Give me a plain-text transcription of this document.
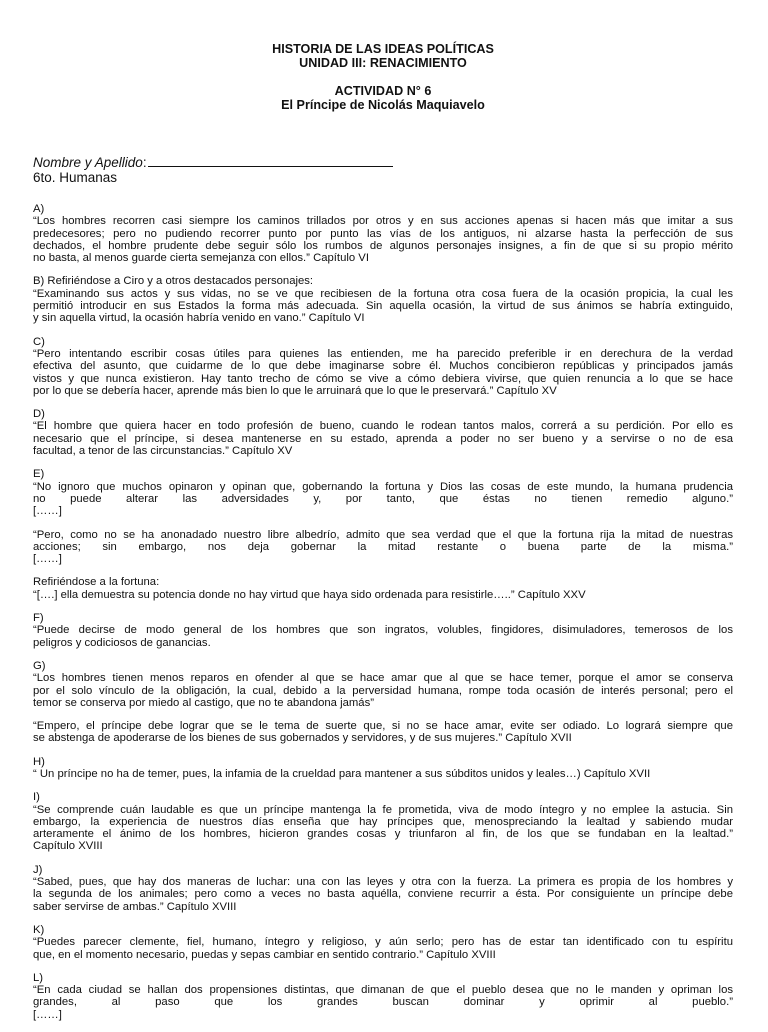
HISTORIA DE LAS IDEAS POLÍTICAS
UNIDAD III: RENACIMIENTO
ACTIVIDAD N° 6
El Príncipe de Nicolás Maquiavelo
Nombre y Apellido:
6to. Humanas
A)
“Los hombres recorren casi siempre los caminos trillados por otros y en sus acciones apenas si hacen más que imitar a sus
predecesores; pero no pudiendo recorrer punto por punto las vías de los antiguos, ni alzarse hasta la perfección de sus
dechados, el hombre prudente debe seguir sólo los rumbos de algunos personajes insignes, a fin de que si su propio mérito
no basta, al menos guarde cierta semejanza con ellos.” Capítulo VI
B) Refiriéndose a Ciro y a otros destacados personajes:
“Examinando sus actos y sus vidas, no se ve que recibiesen de la fortuna otra cosa fuera de la ocasión propicia, la cual les
permitió introducir en sus Estados la forma más adecuada. Sin aquella ocasión, la virtud de sus ánimos se habría extinguido,
y sin aquella virtud, la ocasión habría venido en vano.” Capítulo VI
C)
“Pero intentando escribir cosas útiles para quienes las entienden, me ha parecido preferible ir en derechura de la verdad
efectiva del asunto, que cuidarme de lo que debe imaginarse sobre él. Muchos concibieron repúblicas y principados jamás
vistos y que nunca existieron. Hay tanto trecho de cómo se vive a cómo debiera vivirse, que quien renuncia a lo que se hace
por lo que se debería hacer, aprende más bien lo que le arruinará que lo que le preservará.” Capítulo XV
D)
“El hombre que quiera hacer en todo profesión de bueno, cuando le rodean tantos malos, correrá a su perdición. Por ello es
necesario que el príncipe, si desea mantenerse en su estado, aprenda a poder no ser bueno y a servirse o no de esa
facultad, a tenor de las circunstancias.” Capítulo XV
E)
“No ignoro que muchos opinaron y opinan que, gobernando la fortuna y Dios las cosas de este mundo, la humana prudencia
no puede alterar las adversidades y, por tanto, que éstas no tienen remedio alguno.”
[……]
“Pero, como no se ha anonadado nuestro libre albedrío, admito que sea verdad que el que la fortuna rija la mitad de nuestras
acciones; sin embargo, nos deja gobernar la mitad restante o buena parte de la misma.”
[……]
Refiriéndose a la fortuna:
“[….] ella demuestra su potencia donde no hay virtud que haya sido ordenada para resistirle…..” Capítulo XXV
F)
“Puede decirse de modo general de los hombres que son ingratos, volubles, fingidores, disimuladores, temerosos de los
peligros y codiciosos de ganancias.
G)
“Los hombres tienen menos reparos en ofender al que se hace amar que al que se hace temer, porque el amor se conserva
por el solo vínculo de la obligación, la cual, debido a la perversidad humana, rompe toda ocasión de interés personal; pero el
temor se conserva por miedo al castigo, que no te abandona jamás”
“Empero, el príncipe debe lograr que se le tema de suerte que, si no se hace amar, evite ser odiado. Lo logrará siempre que
se abstenga de apoderarse de los bienes de sus gobernados y servidores, y de sus mujeres.” Capítulo XVII
H)
“ Un príncipe no ha de temer, pues, la infamia de la crueldad para mantener a sus súbditos unidos y leales…) Capítulo XVII
I)
“Se comprende cuán laudable es que un príncipe mantenga la fe prometida, viva de modo íntegro y no emplee la astucia. Sin
embargo, la experiencia de nuestros días enseña que hay príncipes que, menospreciando la lealtad y sabiendo mudar
arteramente el ánimo de los hombres, hicieron grandes cosas y triunfaron al fin, de los que se fundaban en la lealtad.”
Capítulo XVIII
J)
“Sabed, pues, que hay dos maneras de luchar: una con las leyes y otra con la fuerza. La primera es propia de los hombres y
la segunda de los animales; pero como a veces no basta aquélla, conviene recurrir a ésta. Por consiguiente un príncipe debe
saber servirse de ambas.” Capítulo XVIII
K)
“Puedes parecer clemente, fiel, humano, íntegro y religioso, y aún serlo; pero has de estar tan identificado con tu espíritu
que, en el momento necesario, puedas y sepas cambiar en sentido contrario.” Capítulo XVIII
L)
“En cada ciudad se hallan dos propensiones distintas, que dimanan de que el pueblo desea que no le manden y opriman los
grandes, al paso que los grandes buscan dominar y oprimir al pueblo.”
[……]
